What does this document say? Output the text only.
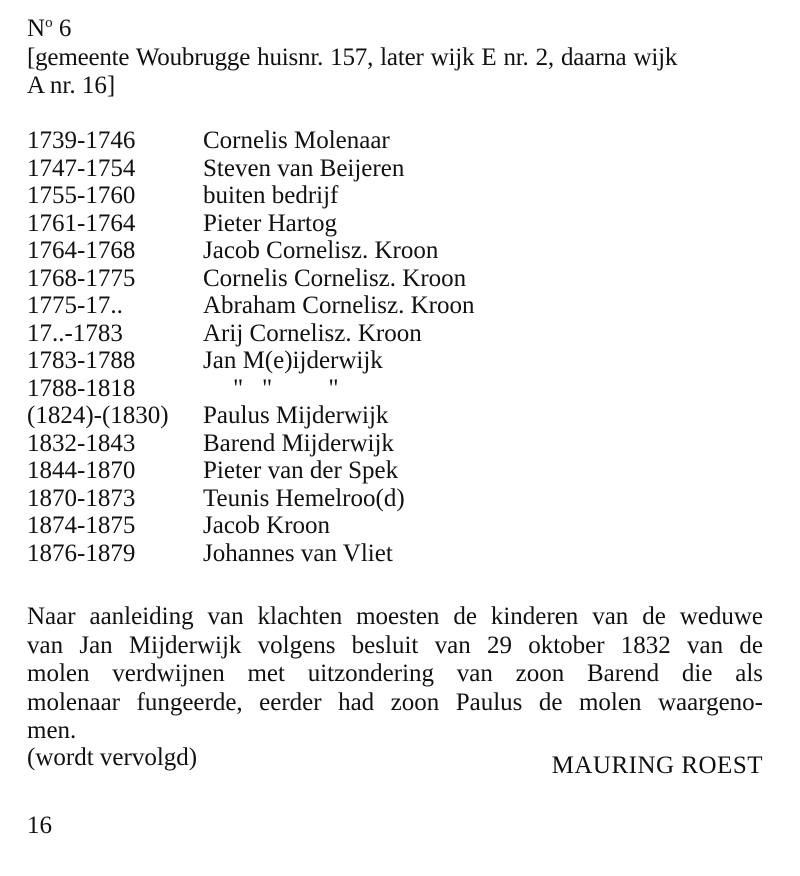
$N^o$ 6
[gemeente Woubrugge huisnr. 157, later wijk E nr. 2, daarna wijk
A nr. 16]
1739-1746	Cornelis Molenaar
1747-1754	Steven van Beijeren
1755-1760	buiten bedrijf
1761-1764	Pieter Hartog
1764-1768	Jacob Cornelisz. Kroon
1768-1775	Cornelis Cornelisz. Kroon
1775-17..	Abraham Cornelisz. Kroon
17..-1783	Arij Cornelisz. Kroon
1783-1788	Jan M(e)ijderwijk
1788-1818	"   "         "
(1824)-(1830) Paulus Mijderwijk
1832-1843	Barend Mijderwijk
1844-1870	Pieter van der Spek
1870-1873	Teunis Hemelroo(d)
1874-1875	Jacob Kroon
1876-1879	Johannes van Vliet
Naar aanleiding van klachten moesten de kinderen van de weduwe
van Jan Mijderwijk volgens besluit van 29 oktober 1832 van de
molen verdwijnen met uitzondering van zoon Barend die als
molenaar fungeerde, eerder had zoon Paulus de molen waargeno-
men.
(wordt vervolgd)	MAURING ROEST
16
